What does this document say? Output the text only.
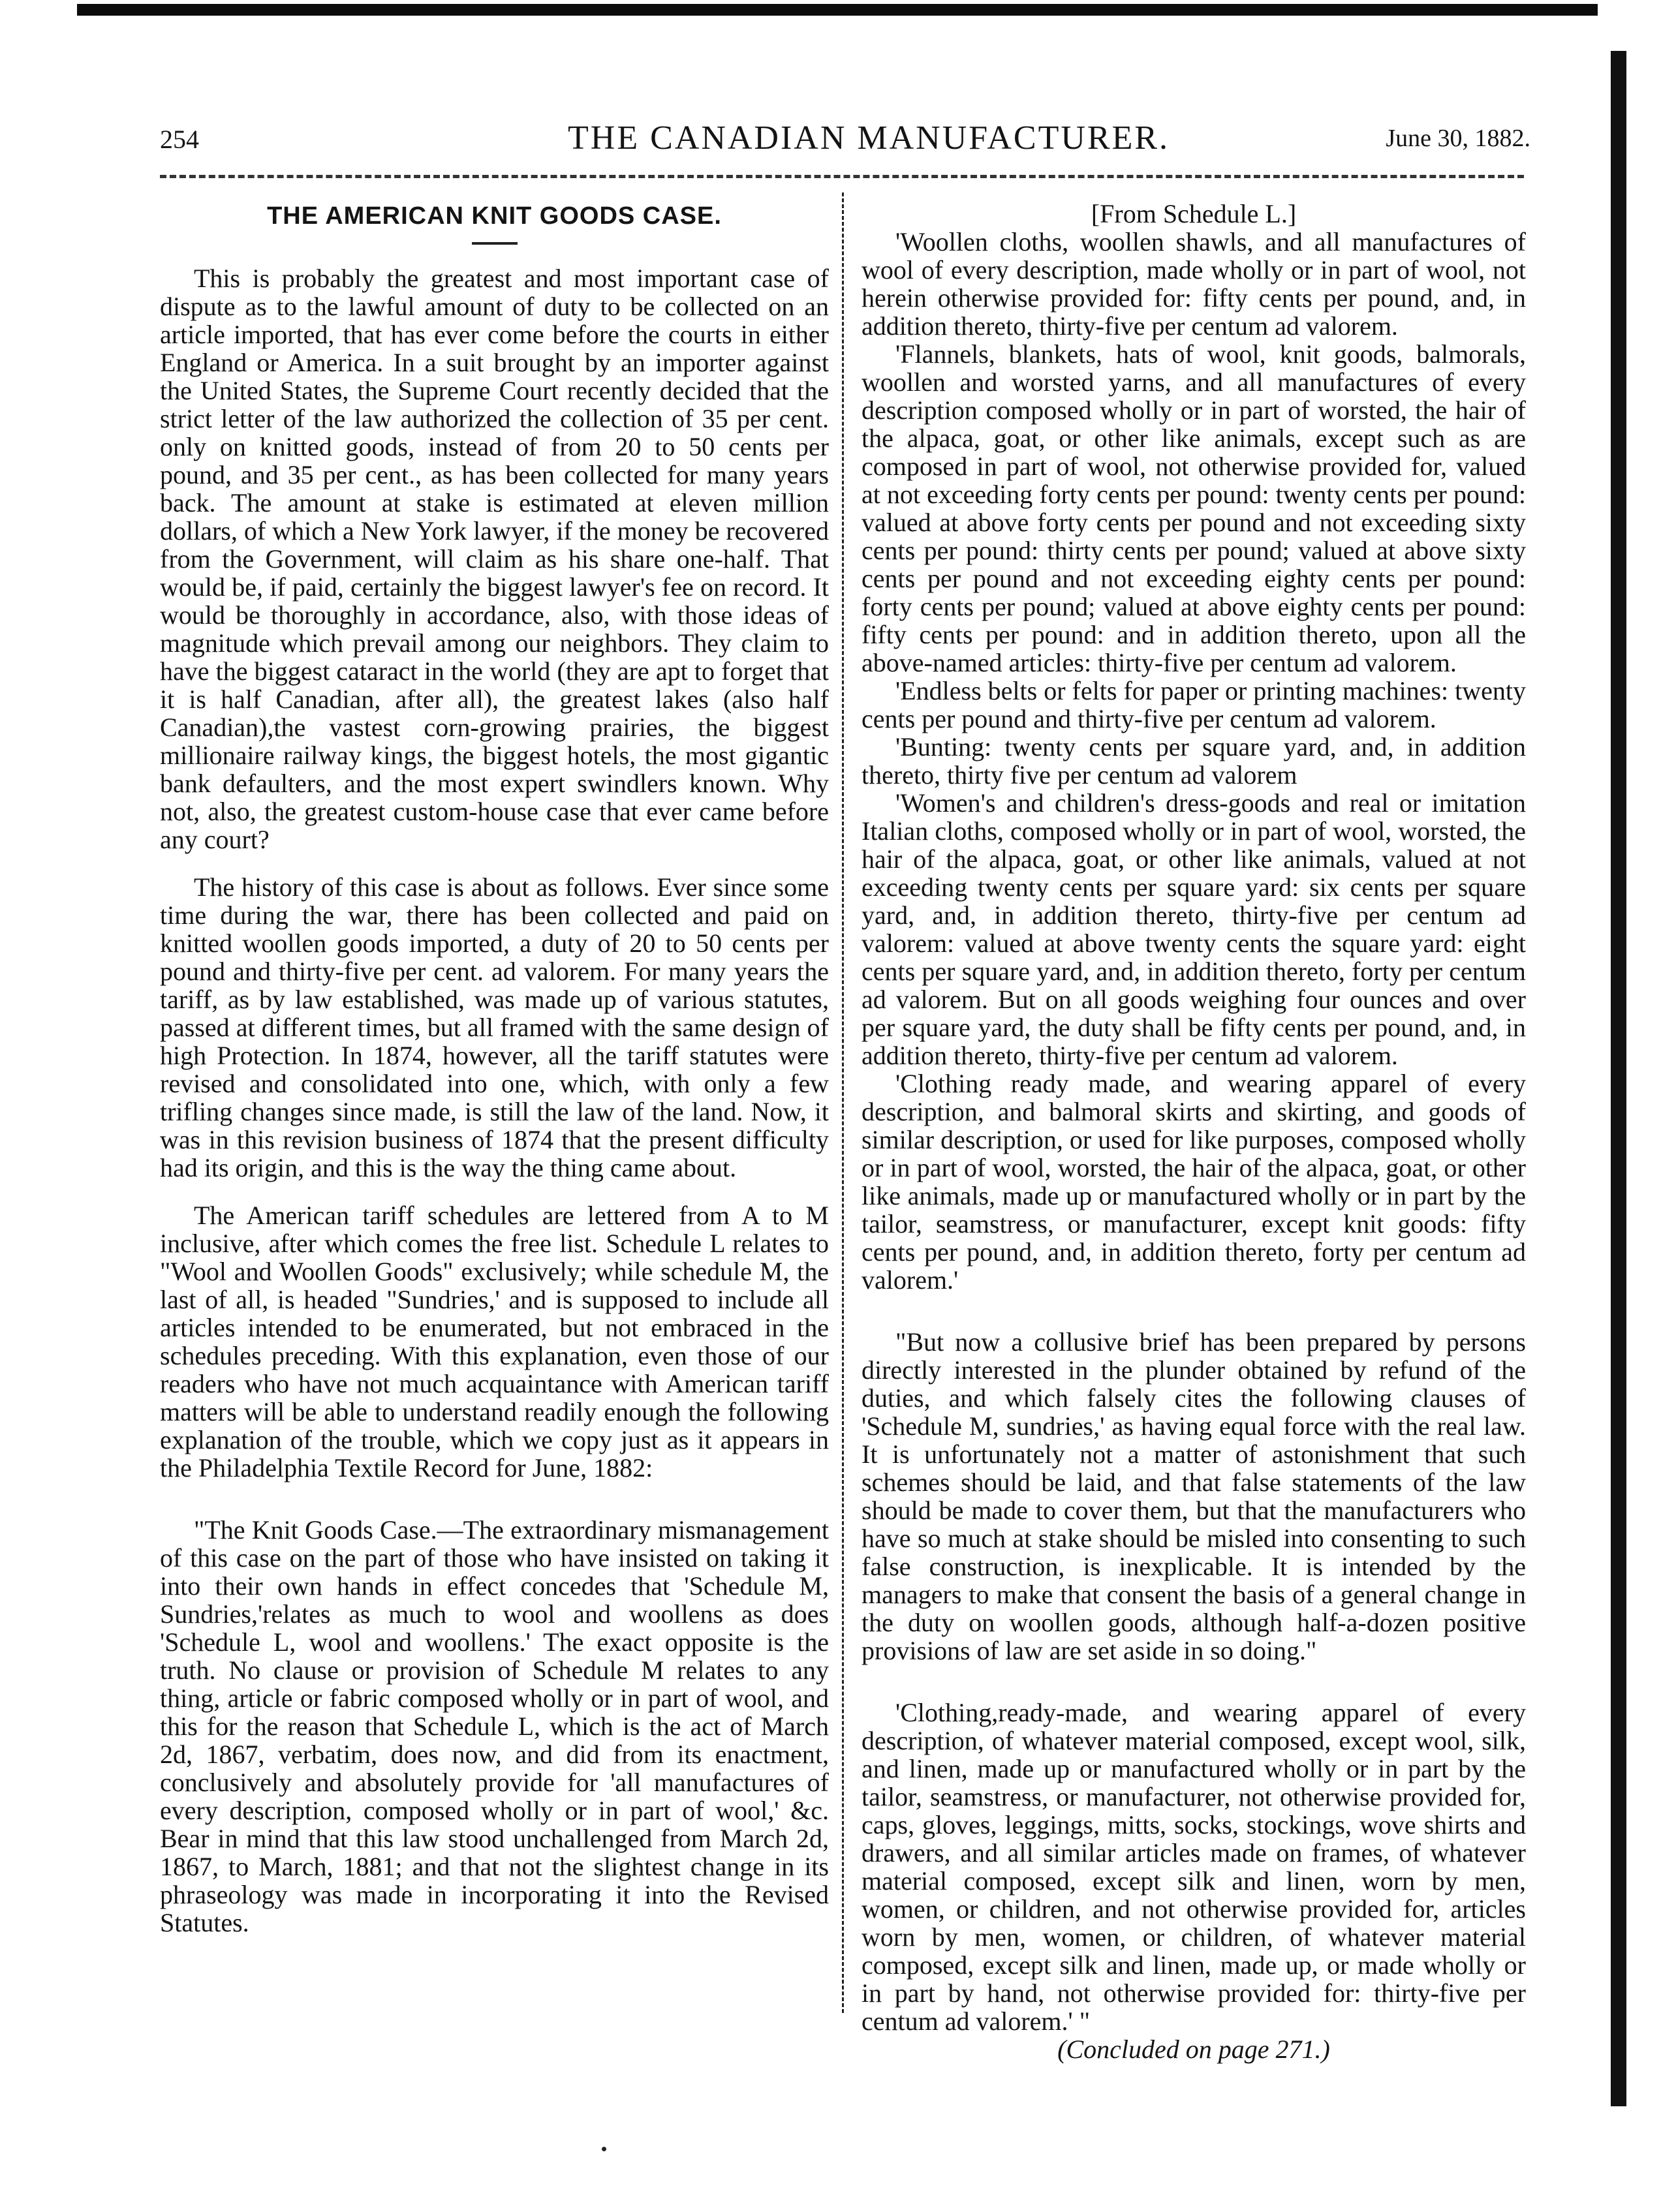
254	THE CANADIAN MANUFACTURER.	June 30, 1882.
THE AMERICAN KNIT GOODS CASE.

This is probably the greatest and most important case of dispute as to the lawful amount of duty to be collected on an article imported, that has ever come before the courts in either England or America. In a suit brought by an importer against the United States, the Supreme Court recently decided that the strict letter of the law authorized the collection of 35 per cent. only on knitted goods, instead of from 20 to 50 cents per pound, and 35 per cent., as has been collected for many years back. The amount at stake is estimated at eleven million dollars, of which a New York lawyer, if the money be recovered from the Government, will claim as his share one-half. That would be, if paid, certainly the biggest lawyer's fee on record. It would be thoroughly in accordance, also, with those ideas of magnitude which prevail among our neighbors. They claim to have the biggest cataract in the world (they are apt to forget that it is half Canadian, after all), the greatest lakes (also half Canadian),the vastest corn-growing prairies, the biggest millionaire railway kings, the biggest hotels, the most gigantic bank defaulters, and the most expert swindlers known. Why not, also, the greatest custom-house case that ever came before any court?

The history of this case is about as follows. Ever since some time during the war, there has been collected and paid on knitted woollen goods imported, a duty of 20 to 50 cents per pound and thirty-five per cent. ad valorem. For many years the tariff, as by law established, was made up of various statutes, passed at different times, but all framed with the same design of high Protection. In 1874, however, all the tariff statutes were revised and consolidated into one, which, with only a few trifling changes since made, is still the law of the land. Now, it was in this revision business of 1874 that the present difficulty had its origin, and this is the way the thing came about.

The American tariff schedules are lettered from A to M inclusive, after which comes the free list. Schedule L relates to "Wool and Woollen Goods" exclusively; while schedule M, the last of all, is headed "Sundries,' and is supposed to include all articles intended to be enumerated, but not embraced in the schedules preceding. With this explanation, even those of our readers who have not much acquaintance with American tariff matters will be able to understand readily enough the following explanation of the trouble, which we copy just as it appears in the Philadelphia Textile Record for June, 1882:

"The Knit Goods Case.—The extraordinary mismanagement of this case on the part of those who have insisted on taking it into their own hands in effect concedes that 'Schedule M, Sundries,'relates as much to wool and woollens as does 'Schedule L, wool and woollens.' The exact opposite is the truth. No clause or provision of Schedule M relates to any thing, article or fabric composed wholly or in part of wool, and this for the reason that Schedule L, which is the act of March 2d, 1867, verbatim, does now, and did from its enactment, conclusively and absolutely provide for 'all manufactures of every description, composed wholly or in part of wool,' &c. Bear in mind that this law stood unchallenged from March 2d, 1867, to March, 1881; and that not the slightest change in its phraseology was made in incorporating it into the Revised Statutes.

[From Schedule L.]

'Woollen cloths, woollen shawls, and all manufactures of wool of every description, made wholly or in part of wool, not herein otherwise provided for: fifty cents per pound, and, in addition thereto, thirty-five per centum ad valorem.

'Flannels, blankets, hats of wool, knit goods, balmorals, woollen and worsted yarns, and all manufactures of every description composed wholly or in part of worsted, the hair of the alpaca, goat, or other like animals, except such as are composed in part of wool, not otherwise provided for, valued at not exceeding forty cents per pound: twenty cents per pound: valued at above forty cents per pound and not exceeding sixty cents per pound: thirty cents per pound; valued at above sixty cents per pound and not exceeding eighty cents per pound: forty cents per pound; valued at above eighty cents per pound: fifty cents per pound: and in addition thereto, upon all the above-named articles: thirty-five per centum ad valorem.

'Endless belts or felts for paper or printing machines: twenty cents per pound and thirty-five per centum ad valorem.

'Bunting: twenty cents per square yard, and, in addition thereto, thirty five per centum ad valorem

'Women's and children's dress-goods and real or imitation Italian cloths, composed wholly or in part of wool, worsted, the hair of the alpaca, goat, or other like animals, valued at not exceeding twenty cents per square yard: six cents per square yard, and, in addition thereto, thirty-five per centum ad valorem: valued at above twenty cents the square yard: eight cents per square yard, and, in addition thereto, forty per centum ad valorem. But on all goods weighing four ounces and over per square yard, the duty shall be fifty cents per pound, and, in addition thereto, thirty-five per centum ad valorem.

'Clothing ready made, and wearing apparel of every description, and balmoral skirts and skirting, and goods of similar description, or used for like purposes, composed wholly or in part of wool, worsted, the hair of the alpaca, goat, or other like animals, made up or manufactured wholly or in part by the tailor, seamstress, or manufacturer, except knit goods: fifty cents per pound, and, in addition thereto, forty per centum ad valorem.'

"But now a collusive brief has been prepared by persons directly interested in the plunder obtained by refund of the duties, and which falsely cites the following clauses of 'Schedule M, sundries,' as having equal force with the real law. It is unfortunately not a matter of astonishment that such schemes should be laid, and that false statements of the law should be made to cover them, but that the manufacturers who have so much at stake should be misled into consenting to such false construction, is inexplicable. It is intended by the managers to make that consent the basis of a general change in the duty on woollen goods, although half-a-dozen positive provisions of law are set aside in so doing."

'Clothing,ready-made, and wearing apparel of every description, of whatever material composed, except wool, silk, and linen, made up or manufactured wholly or in part by the tailor, seamstress, or manufacturer, not otherwise provided for, caps, gloves, leggings, mitts, socks, stockings, wove shirts and drawers, and all similar articles made on frames, of whatever material composed, except silk and linen, worn by men, women, or children, and not otherwise provided for, articles worn by men, women, or children, of whatever material composed, except silk and linen, made up, or made wholly or in part by hand, not otherwise provided for: thirty-five per centum ad valorem.' "

(Concluded on page 271.)
